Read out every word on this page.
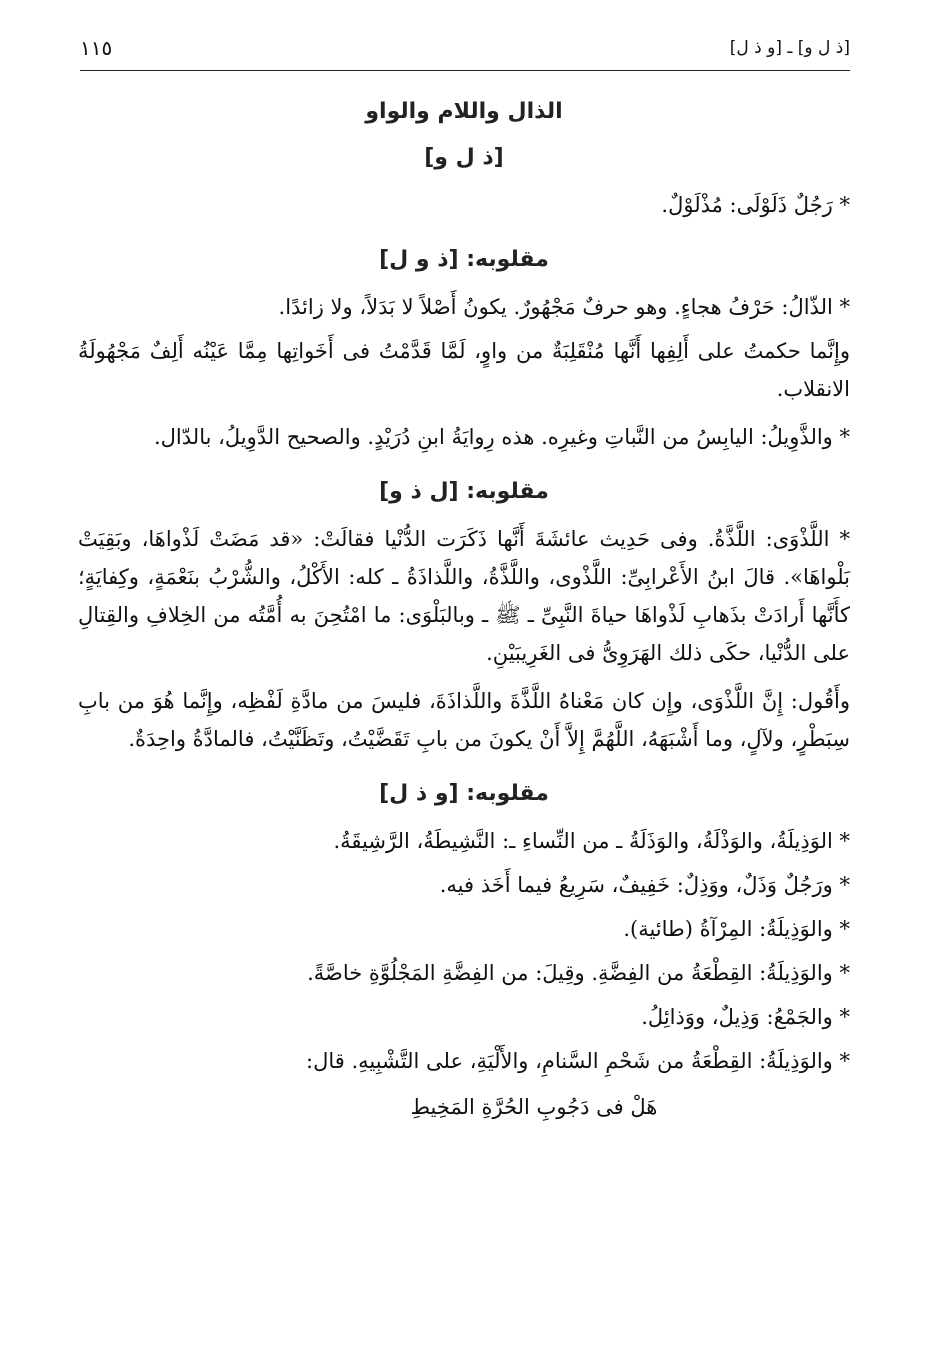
[ذ ل و] ـ [و ذ ل]
١١٥
الذال واللام والواو
[ذ ل و]

* رَجُلٌ ذَلَوْلَى: مُذْلَوْلٌ.

مقلوبه: [ذ و ل]

* الذّالُ: حَرْفُ هجاءٍ. وهو حرفٌ مَجْهُورٌ. يكونُ أَصْلاً لا بَدَلاً، ولا زائدًا.

وإِنَّما حكمتُ على أَلِفِها أَنَّها مُنْقَلِبَةٌ من واوٍ، لَمَّا قَدَّمْتُ فى أَخَواتِها مِمَّا عَيْنُه أَلِفٌ مَجْهُولَةُ الانقلاب.

* والذَّوِيلُ: اليابِسُ من النَّباتِ وغيرِه. هذه رِوايَةُ ابنِ دُرَيْدٍ. والصحيح الدَّوِيلُ، بالدّال.

مقلوبه: [ل ذ و]

* اللَّذْوَى: اللَّذَّةُ. وفى حَدِيث عائشَةَ أَنَّها ذَكَرَت الدُّنْيا فقالَتْ: «قد مَضَتْ لَذْواهَا، وبَقِيَتْ بَلْواهَا». قالَ ابنُ الأَعْرابِىِّ: اللَّذْوى، واللَّذَّةُ، واللَّذاذَةُ ـ كله: الأَكْلُ، والشُّرْبُ بنَعْمَةٍ، وكِفايَةٍ؛ كأَنَّها أَرادَتْ بذَهابِ لَذْواهَا حياةَ النَّبِىِّ ـ ﷺ ـ وبالبَلْوَى: ما امْتُحِنَ به أُمَّتُه من الخِلافِ والقِتالِ على الدُّنْيا، حكَى ذلك الهَرَوِىُّ فى الغَرِيبَيْنِ.

وأَقُول: إِنَّ اللَّذْوَى، وإِن كان مَعْناهُ اللَّذَّةَ واللَّذاذَةَ، فليسَ من مادَّةِ لَفْظِه، وإِنَّما هُوَ من بابِ سِبَطْرٍ، ولآلٍ، وما أَشْبَهَهُ، اللَّهُمَّ إِلاَّ أَنْ يكونَ من بابِ تَقَضَّيْتُ، وتَظَنَّيْتُ، فالمادَّةُ واحِدَةٌ.

مقلوبه: [و ذ ل]

* الوَذِيلَةُ، والوَذْلَةُ، والوَذَلَةُ ـ من النِّساءِ ـ: النَّشِيطَةُ، الرَّشِيقَةُ.

* ورَجُلٌ وَذَلٌ، ووَذِلٌ: خَفِيفٌ، سَرِيعُ فيما أَخَذ فيه.

* والوَذِيلَةُ: المِرْآةُ (طائية).

* والوَذِيلَةُ: القِطْعَةُ من الفِضَّةِ. وقِيلَ: من الفِضَّةِ المَجْلُوَّةِ خاصَّةً.

* والجَمْعُ: وَذِيلٌ، ووَذائِلُ.

* والوَذِيلَةُ: القِطْعَةُ من شَحْمِ السَّنامِ، والأَلْيَةِ، على التَّشْبِيهِ. قال:

هَلْ فى دَجُوبِ الحُرَّةِ المَخِيطِ
